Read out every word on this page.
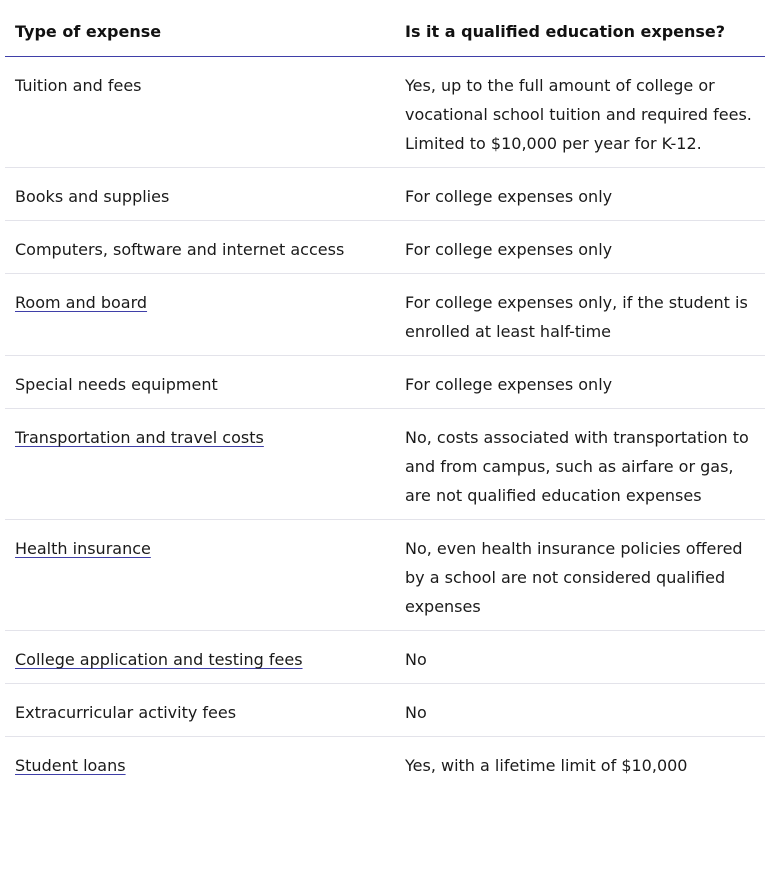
Type of expense	Is it a qualified education expense?
Tuition and fees	Yes, up to the full amount of college or vocational school tuition and required fees. Limited to $10,000 per year for K-12.
Books and supplies	For college expenses only
Computers, software and internet access	For college expenses only
Room and board	For college expenses only, if the student is enrolled at least half-time
Special needs equipment	For college expenses only
Transportation and travel costs	No, costs associated with transportation to and from campus, such as airfare or gas, are not qualified education expenses
Health insurance	No, even health insurance policies offered by a school are not considered qualified expenses
College application and testing fees	No
Extracurricular activity fees	No
Student loans	Yes, with a lifetime limit of $10,000
